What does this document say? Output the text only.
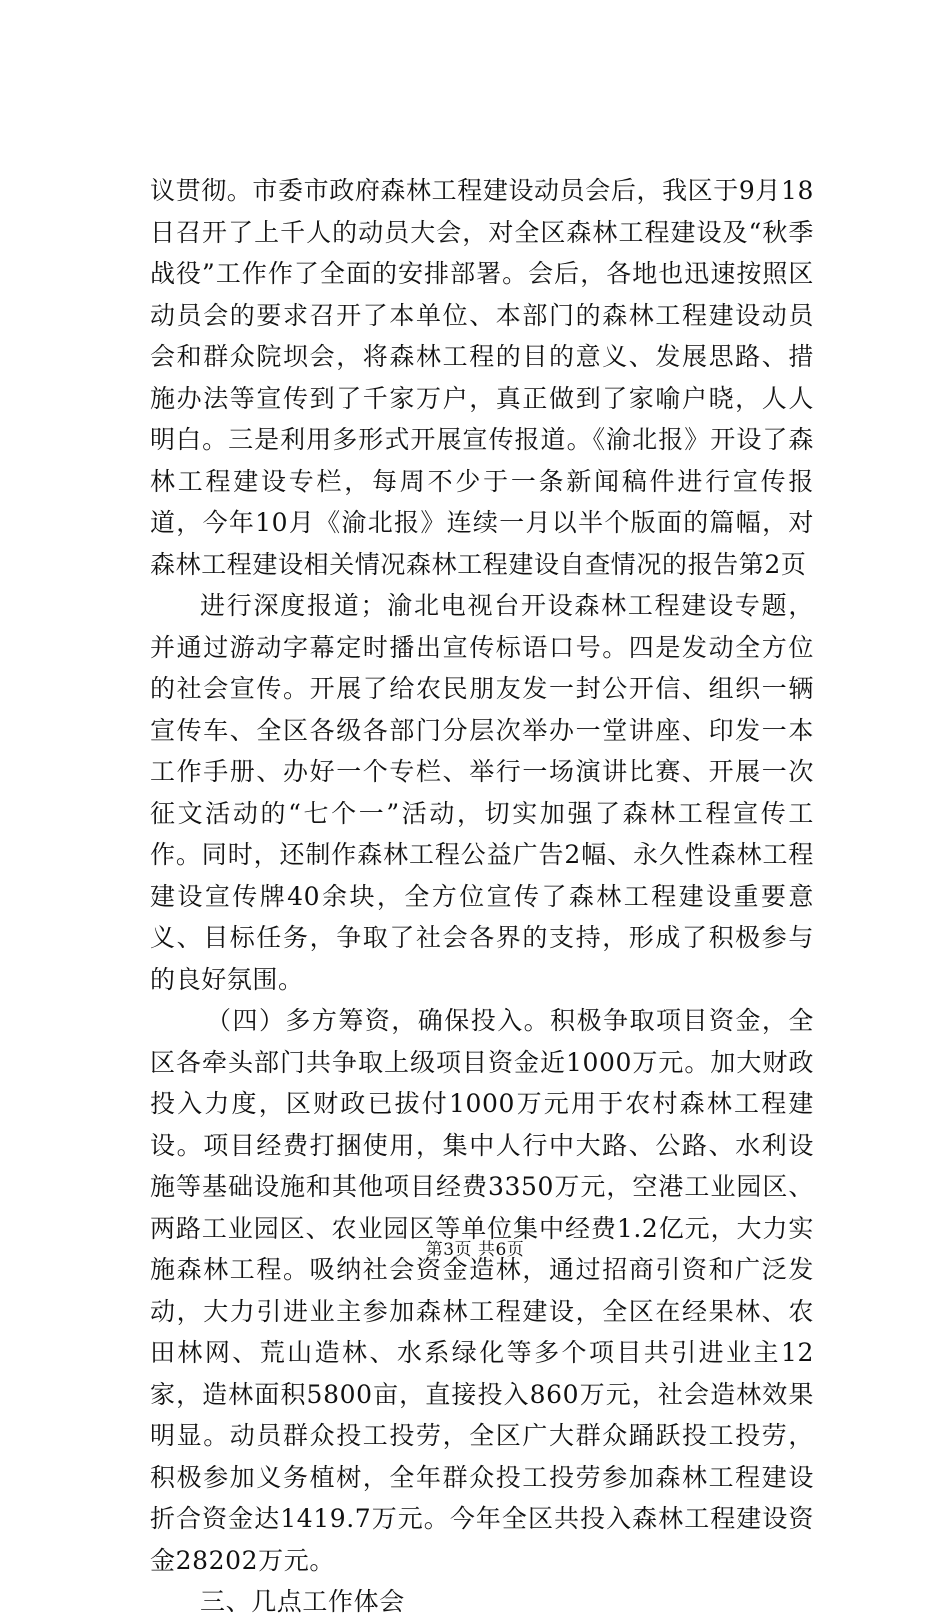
议贯彻。市委市政府森林工程建设动员会后，我区于9月18日召开了上千人的动员大会，对全区森林工程建设及“秋季战役”工作作了全面的安排部署。会后，各地也迅速按照区动员会的要求召开了本单位、本部门的森林工程建设动员会和群众院坝会，将森林工程的目的意义、发展思路、措施办法等宣传到了千家万户，真正做到了家喻户晓，人人明白。三是利用多形式开展宣传报道。《渝北报》开设了森林工程建设专栏，每周不少于一条新闻稿件进行宣传报道，今年10月《渝北报》连续一月以半个版面的篇幅，对森林工程建设相关情况森林工程建设自查情况的报告第2页

进行深度报道；渝北电视台开设森林工程建设专题，并通过游动字幕定时播出宣传标语口号。四是发动全方位的社会宣传。开展了给农民朋友发一封公开信、组织一辆宣传车、全区各级各部门分层次举办一堂讲座、印发一本工作手册、办好一个专栏、举行一场演讲比赛、开展一次征文活动的“七个一”活动，切实加强了森林工程宣传工作。同时，还制作森林工程公益广告2幅、永久性森林工程建设宣传牌40余块，全方位宣传了森林工程建设重要意义、目标任务，争取了社会各界的支持，形成了积极参与的良好氛围。

（四）多方筹资，确保投入。积极争取项目资金，全区各牵头部门共争取上级项目资金近1000万元。加大财政投入力度，区财政已拔付1000万元用于农村森林工程建设。项目经费打捆使用，集中人行中大路、公路、水利设施等基础设施和其他项目经费3350万元，空港工业园区、两路工业园区、农业园区等单位集中经费1.2亿元，大力实施森林工程。吸纳社会资金造林，通过招商引资和广泛发动，大力引进业主参加森林工程建设，全区在经果林、农田林网、荒山造林、水系绿化等多个项目共引进业主12家，造林面积5800亩，直接投入860万元，社会造林效果明显。动员群众投工投劳，全区广大群众踊跃投工投劳，积极参加义务植树，全年群众投工投劳参加森林工程建设折合资金达1419.7万元。今年全区共投入森林工程建设资金28202万元。

三、几点工作体会

第3页 共6页
